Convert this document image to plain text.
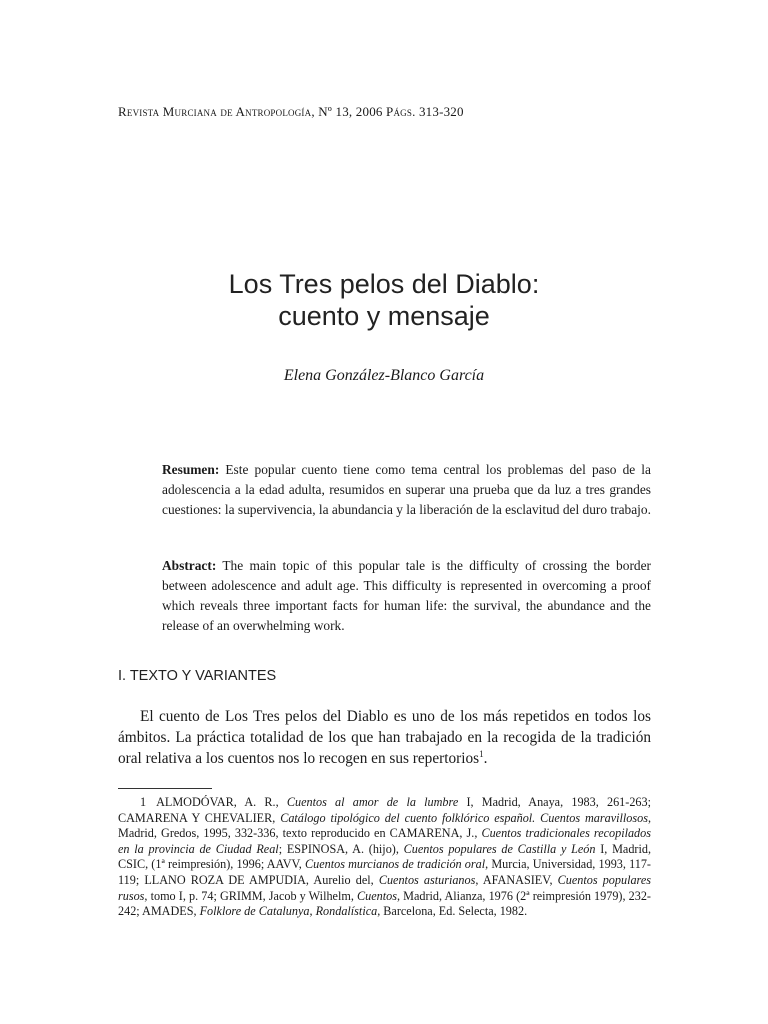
Revista Murciana de Antropología, Nº 13, 2006 Págs. 313-320
Los Tres pelos del Diablo:
cuento y mensaje
Elena González-Blanco García
Resumen: Este popular cuento tiene como tema central los problemas del paso de la adolescencia a la edad adulta, resumidos en superar una prueba que da luz a tres grandes cuestiones: la supervivencia, la abundancia y la liberación de la esclavitud del duro trabajo.
Abstract: The main topic of this popular tale is the difficulty of crossing the border between adolescence and adult age. This difficulty is represented in overcoming a proof which reveals three important facts for human life: the survival, the abundance and the release of an overwhelming work.
I. TEXTO Y VARIANTES
El cuento de Los Tres pelos del Diablo es uno de los más repetidos en todos los ámbitos. La práctica totalidad de los que han trabajado en la recogida de la tradición oral relativa a los cuentos nos lo recogen en sus repertorios$^1$.
1 ALMODÓVAR, A. R., Cuentos al amor de la lumbre I, Madrid, Anaya, 1983, 261-263; CAMARENA Y CHEVALIER, Catálogo tipológico del cuento folklórico español. Cuentos maravillosos, Madrid, Gredos, 1995, 332-336, texto reproducido en CAMARENA, J., Cuentos tradicionales recopilados en la provincia de Ciudad Real; ESPINOSA, A. (hijo), Cuentos populares de Castilla y León I, Madrid, CSIC, (1ª reimpresión), 1996; AAVV, Cuentos murcianos de tradición oral, Murcia, Universidad, 1993, 117-119; LLANO ROZA DE AMPUDIA, Aurelio del, Cuentos asturianos, AFANASIEV, Cuentos populares rusos, tomo I, p. 74; GRIMM, Jacob y Wilhelm, Cuentos, Madrid, Alianza, 1976 (2ª reimpresión 1979), 232-242; AMADES, Folklore de Catalunya, Rondalística, Barcelona, Ed. Selecta, 1982.
